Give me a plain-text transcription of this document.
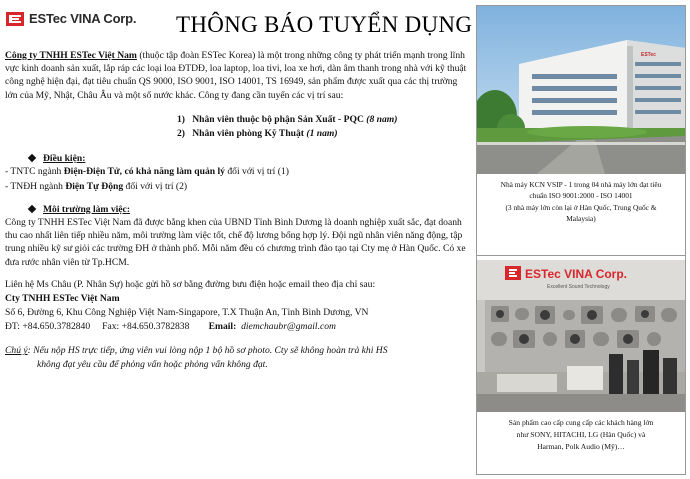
ESTec VINA Corp. THÔNG BÁO TUYỂN DỤNG

Công ty TNHH ESTec Việt Nam (thuộc tập đoàn ESTec Korea) là một trong những công ty phát triển mạnh trong lĩnh vực kinh doanh sản xuất, lắp ráp các loại loa ĐTDĐ, loa laptop, loa tivi, loa xe hơi, dàn âm thanh trong nhà với kỹ thuật công nghệ hiện đại, đạt tiêu chuẩn QS 9000, ISO 9001, ISO 14001, TS 16949, sản phẩm được xuất qua các thị trường lớn của Mỹ, Nhật, Châu Âu và một số nước khác. Công ty đang cần tuyển các vị trí sau:

1) Nhân viên thuộc bộ phận Sản Xuất - PQC (8 nam)
2) Nhân viên phòng Kỹ Thuật (1 nam)
Điều kiện :
- TNTC ngành Điện-Điện Tử, có khả năng làm quản lý đối với vị trí (1)
- TNĐH ngành Điện Tự Động đối với vị trí (2)
Môi trường làm việc :

Công ty TNHH ESTec Việt Nam đã được bằng khen của UBND Tỉnh Bình Dương là doanh nghiệp xuất sắc, đạt doanh thu cao nhất liên tiếp nhiều năm, môi trường làm việc tốt, chế độ lương bổng hợp lý. Đội ngũ nhân viên năng động, tập trung nhiều kỹ sư giỏi các trường ĐH ở thành phố. Mỗi năm đều có chương trình đào tạo tại Cty mẹ ở Hàn Quốc. Có xe đưa rước nhân viên từ Tp.HCM.

Liên hệ Ms Châu (P. Nhân Sự) hoặc gửi hồ sơ bằng đường bưu điện hoặc email theo địa chỉ sau:
Cty TNHH ESTec Việt Nam
Số 6, Đường 6, Khu Công Nghiệp Việt Nam-Singapore, T.X Thuận An, Tỉnh Bình Dương, VN
ĐT: +84.650.3782840 Fax: +84.650.3782838 Email: diemchaubr@gmail.com

Chú ý: Nếu nộp HS trực tiếp, ứng viên vui lòng nộp 1 bộ hồ sơ photo. Cty sẽ không hoàn trả khi HS
không đạt yêu cầu để phỏng vấn hoặc phỏng vấn không đạt.

ESTec
Nhà máy KCN VSIP - 1 trong 04 nhà máy lớn đạt tiêu
chuẩn ISO 9001:2000 - ISO 14001
(3 nhà máy lớn còn lại ở Hàn Quốc, Trung Quốc &
Malaysia)
ESTec VINA Corp.
Excellent Sound Technology
Sản phẩm cao cấp cung cấp các khách hàng lớn
như SONY, HITACHI, LG (Hàn Quốc) và
Harman, Polk Audio (Mỹ)…
